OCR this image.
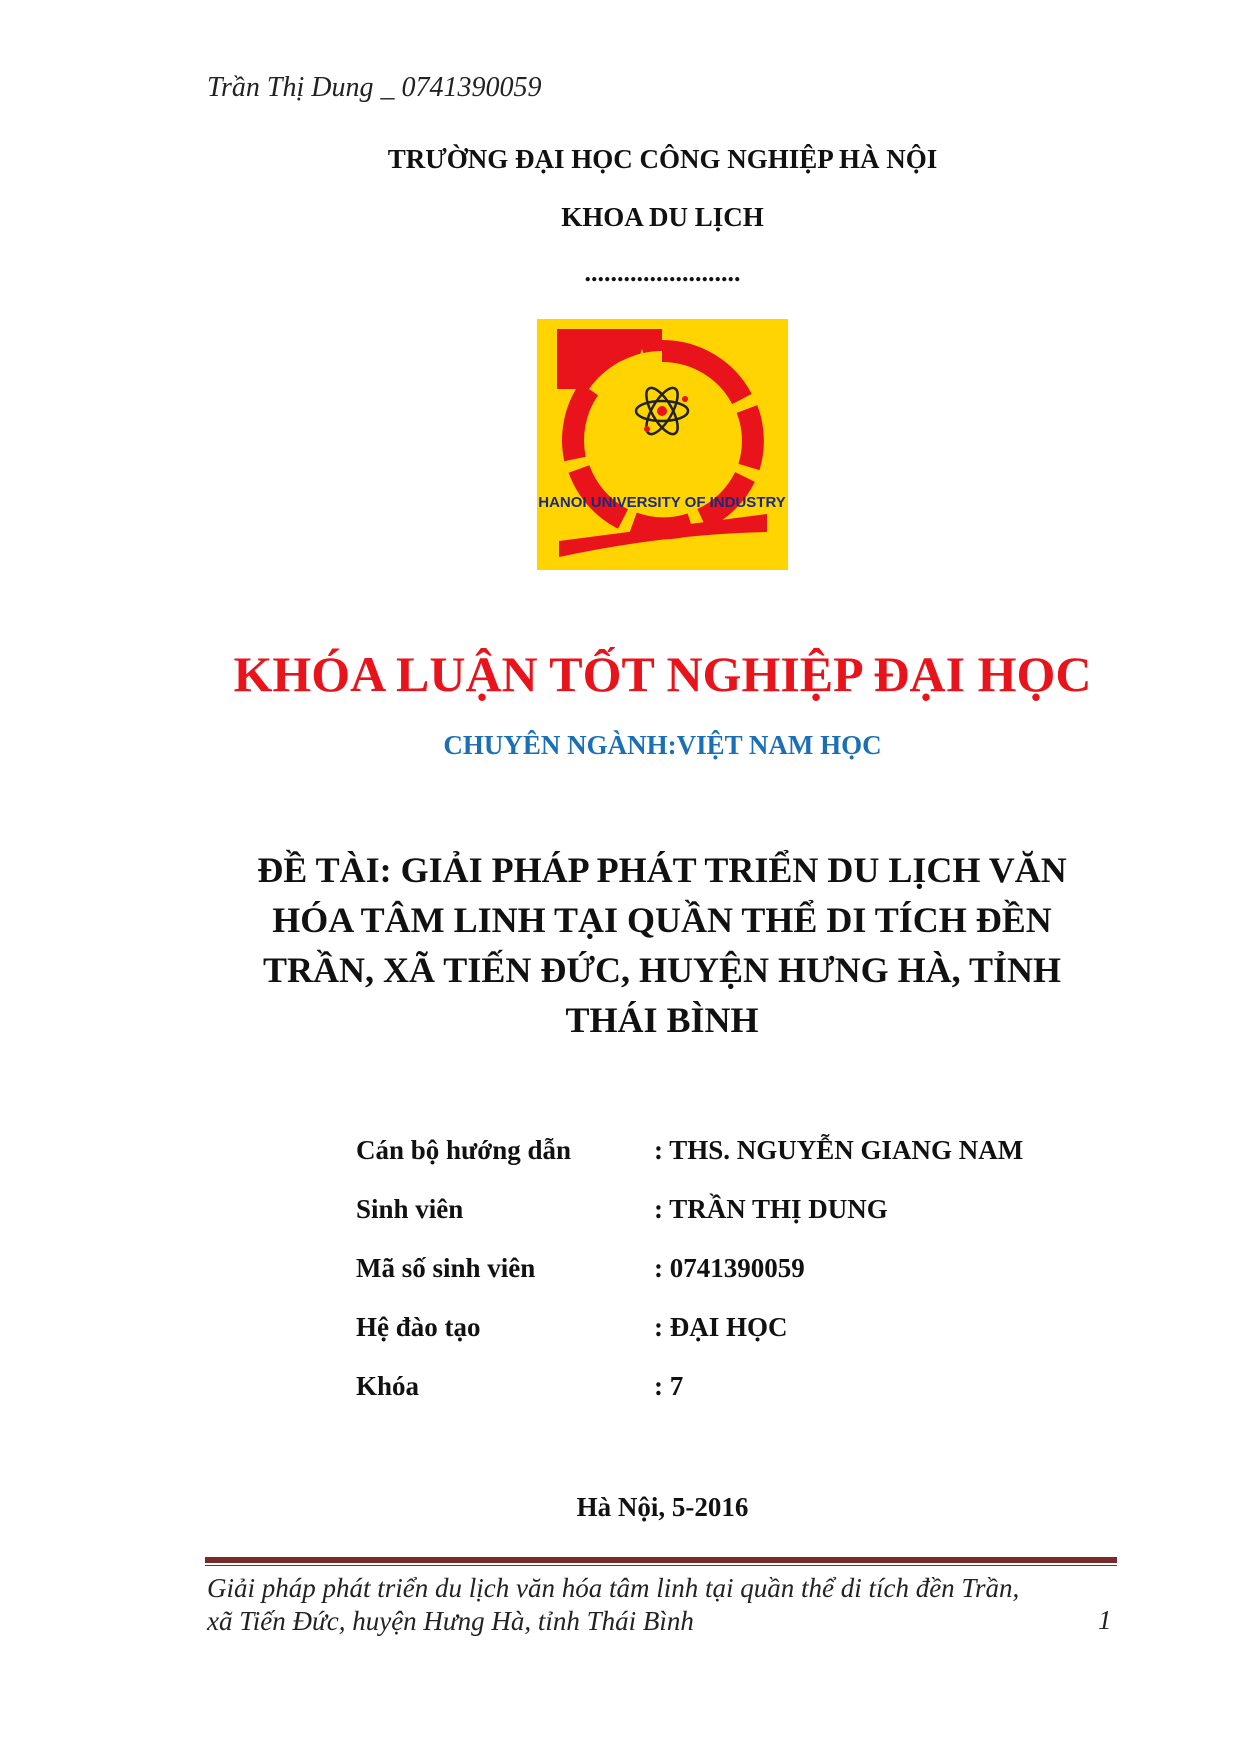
Trần Thị Dung _ 0741390059
TRƯỜNG ĐẠI HỌC CÔNG NGHIỆP HÀ NỘI
KHOA DU LỊCH
........................
HANOI UNIVERSITY OF INDUSTRY
KHÓA LUẬN TỐT NGHIỆP ĐẠI HỌC
CHUYÊN NGÀNH:VIỆT NAM HỌC
ĐỀ TÀI: GIẢI PHÁP PHÁT TRIỂN DU LỊCH VĂN
HÓA TÂM LINH TẠI QUẦN THỂ DI TÍCH ĐỀN
TRẦN, XÃ TIẾN ĐỨC, HUYỆN HƯNG HÀ, TỈNH
THÁI BÌNH
Cán bộ hướng dẫn	: THS. NGUYỄN GIANG NAM
Sinh viên	: TRẦN THỊ DUNG
Mã số sinh viên	: 0741390059
Hệ đào tạo	: ĐẠI HỌC
Khóa	: 7
Hà Nội, 5-2016
Giải pháp phát triển du lịch văn hóa tâm linh tại quần thể di tích đền Trần,
xã Tiến Đức, huyện Hưng Hà, tỉnh Thái Bình	1
